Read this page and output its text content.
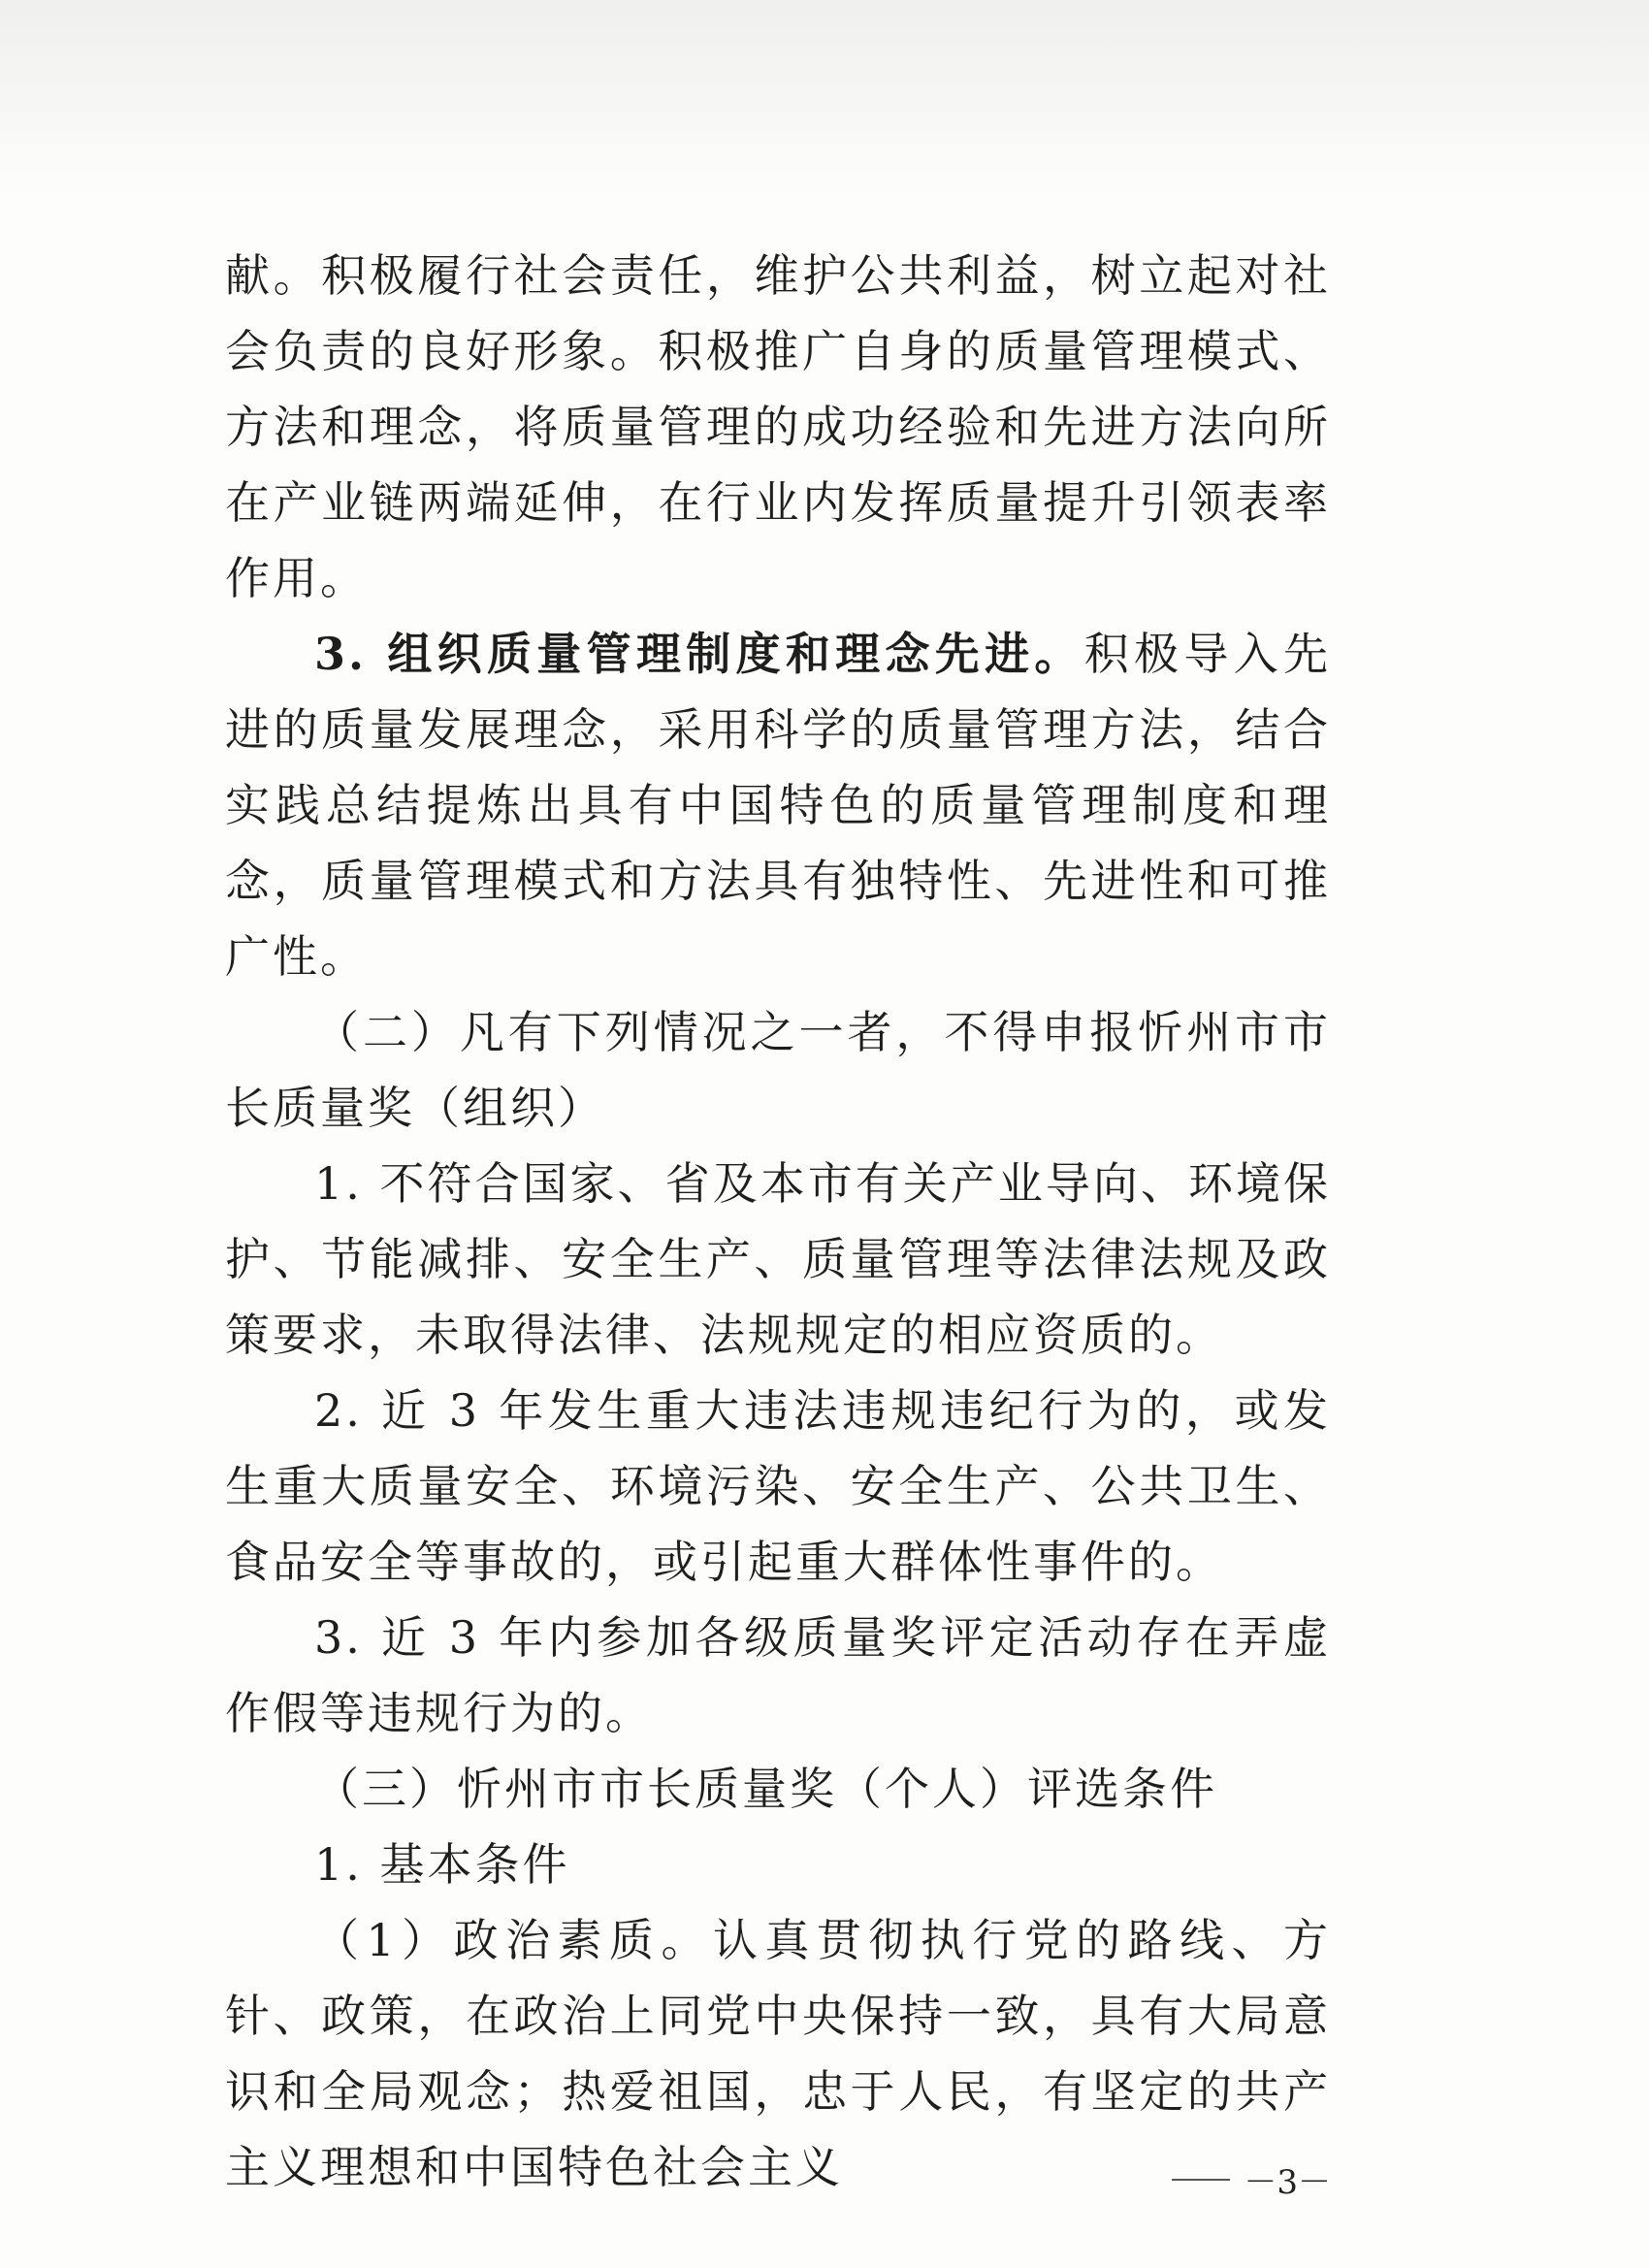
献。积极履行社会责任，维护公共利益，树立起对社会负责的良好形象。积极推广自身的质量管理模式、方法和理念，将质量管理的成功经验和先进方法向所在产业链两端延伸，在行业内发挥质量提升引领表率作用。

3. 组织质量管理制度和理念先进。积极导入先进的质量发展理念，采用科学的质量管理方法，结合实践总结提炼出具有中国特色的质量管理制度和理念，质量管理模式和方法具有独特性、先进性和可推广性。

（二）凡有下列情况之一者，不得申报忻州市市长质量奖（组织）

1. 不符合国家、省及本市有关产业导向、环境保护、节能减排、安全生产、质量管理等法律法规及政策要求，未取得法律、法规规定的相应资质的。

2. 近 3 年发生重大违法违规违纪行为的，或发生重大质量安全、环境污染、安全生产、公共卫生、食品安全等事故的，或引起重大群体性事件的。

3. 近 3 年内参加各级质量奖评定活动存在弄虚作假等违规行为的。

（三）忻州市市长质量奖（个人）评选条件

1. 基本条件

（1）政治素质。认真贯彻执行党的路线、方针、政策，在政治上同党中央保持一致，具有大局意识和全局观念；热爱祖国，忠于人民，有坚定的共产主义理想和中国特色社会主义	－3－
